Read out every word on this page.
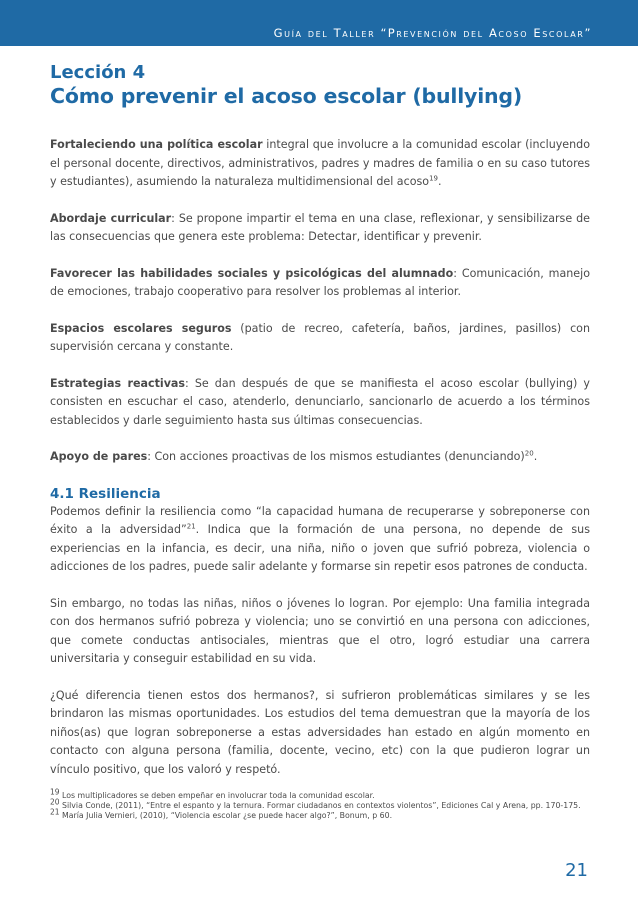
Guía del Taller “Prevención del Acoso Escolar”
Lección 4
Cómo prevenir el acoso escolar (bullying)

Fortaleciendo una política escolar integral que involucre a la comunidad escolar (incluyendo el personal docente, directivos, administrativos, padres y madres de familia o en su caso tutores y estudiantes), asumiendo la naturaleza multidimensional del acoso$^{19}$.

Abordaje curricular: Se propone impartir el tema en una clase, reflexionar, y sensibilizarse de las consecuencias que genera este problema: Detectar, identificar y prevenir.

Favorecer las habilidades sociales y psicológicas del alumnado: Comunicación, manejo de emociones, trabajo cooperativo para resolver los problemas al interior.

Espacios escolares seguros (patio de recreo, cafetería, baños, jardines, pasillos) con supervisión cercana y constante.

Estrategias reactivas: Se dan después de que se manifiesta el acoso escolar (bullying) y consisten en escuchar el caso, atenderlo, denunciarlo, sancionarlo de acuerdo a los términos establecidos y darle seguimiento hasta sus últimas consecuencias.

Apoyo de pares: Con acciones proactivas de los mismos estudiantes (denunciando)$^{20}$.

4.1 Resiliencia

Podemos definir la resiliencia como “la capacidad humana de recuperarse y sobreponerse con éxito a la adversidad”$^{21}$. Indica que la formación de una persona, no depende de sus experiencias en la infancia, es decir, una niña, niño o joven que sufrió pobreza, violencia o adicciones de los padres, puede salir adelante y formarse sin repetir esos patrones de conducta.

Sin embargo, no todas las niñas, niños o jóvenes lo logran. Por ejemplo: Una familia integrada con dos hermanos sufrió pobreza y violencia; uno se convirtió en una persona con adicciones, que comete conductas antisociales, mientras que el otro, logró estudiar una carrera universitaria y conseguir estabilidad en su vida.

¿Qué diferencia tienen estos dos hermanos?, si sufrieron problemáticas similares y se les brindaron las mismas oportunidades. Los estudios del tema demuestran que la mayoría de los niños(as) que logran sobreponerse a estas adversidades han estado en algún momento en contacto con alguna persona (familia, docente, vecino, etc) con la que pudieron lograr un vínculo positivo, que los valoró y respetó.

$^{19}$ Los multiplicadores se deben empeñar en involucrar toda la comunidad escolar.

$^{20}$ Silvia Conde, (2011), “Entre el espanto y la ternura. Formar ciudadanos en contextos violentos”, Ediciones Cal y Arena, pp. 170-175.

$^{21}$ María Julia Vernieri, (2010), “Violencia escolar ¿se puede hacer algo?”, Bonum, p 60.

21
